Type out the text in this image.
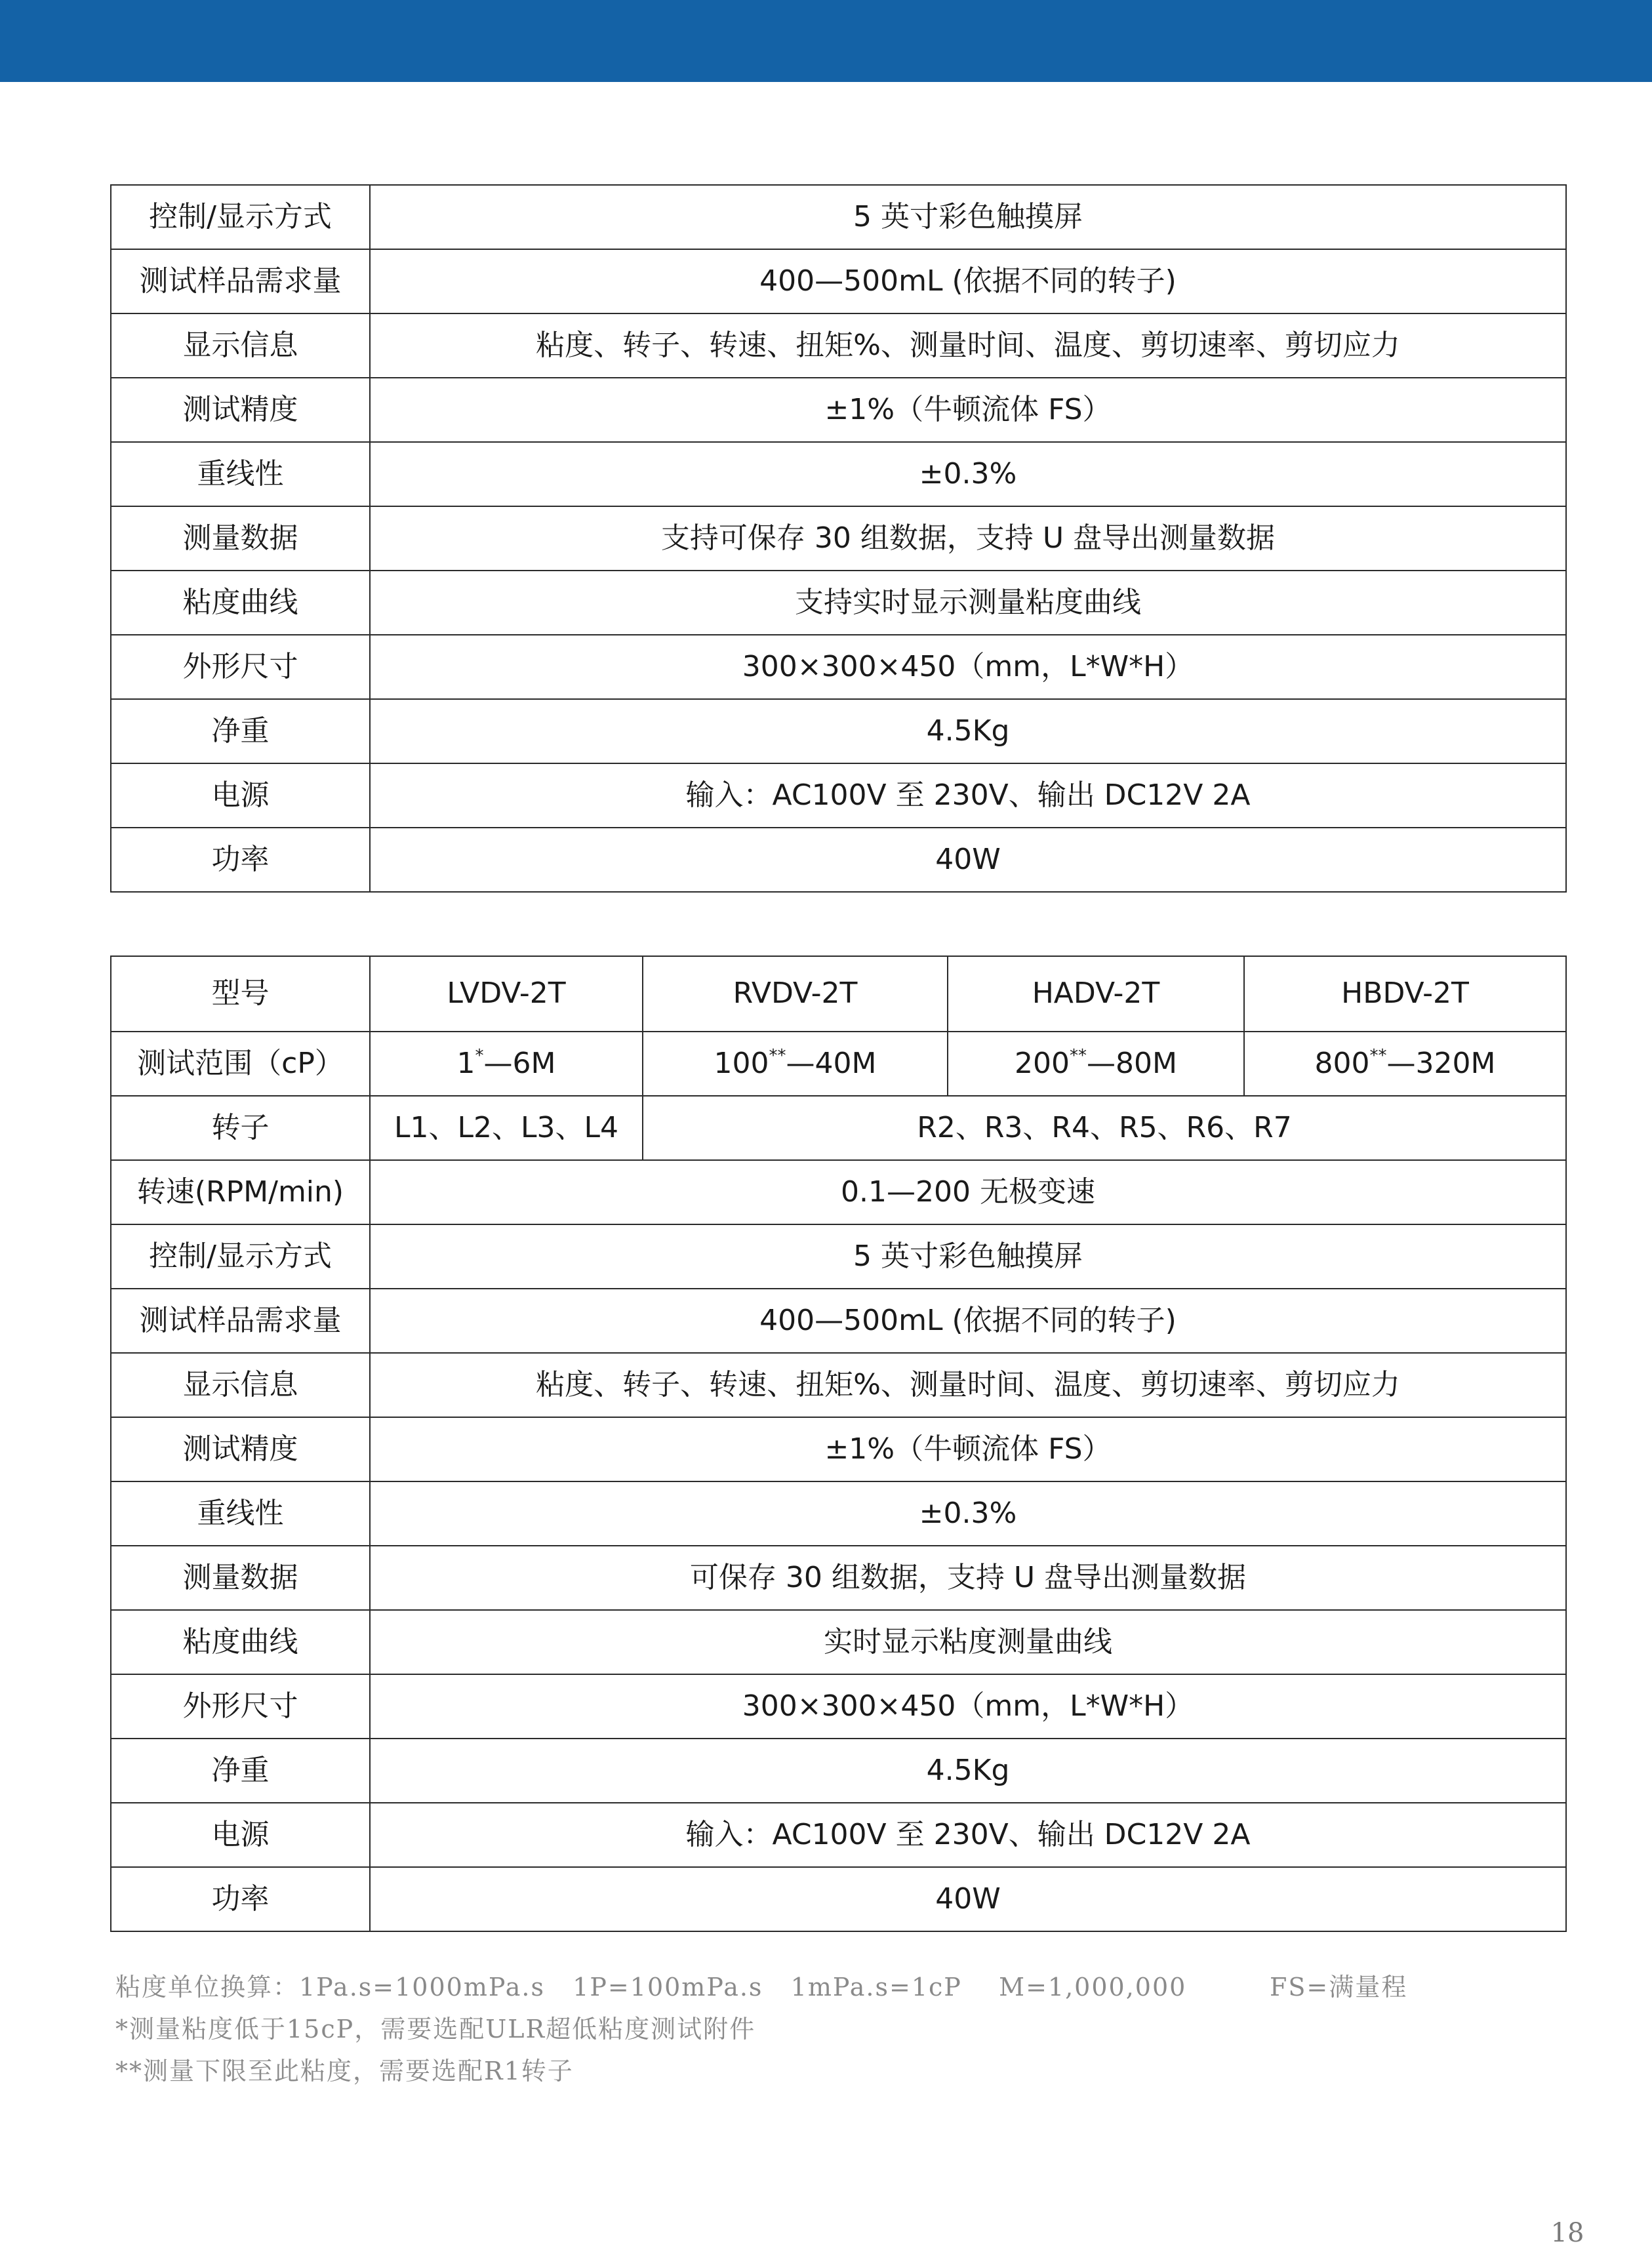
控制/显示方式	5 英寸彩色触摸屏
测试样品需求量	400—500mL (依据不同的转子)
显示信息	粘度、转子、转速、扭矩%、测量时间、温度、剪切速率、剪切应力
测试精度	±1%（牛顿流体 FS）
重线性	±0.3%
测量数据	支持可保存 30 组数据，支持 U 盘导出测量数据
粘度曲线	支持实时显示测量粘度曲线
外形尺寸	300×300×450（mm，L*W*H）
净重	4.5Kg
电源	输入：AC100V 至 230V、输出 DC12V 2A
功率	40W
型号	LVDV-2T	RVDV-2T	HADV-2T	HBDV-2T
测试范围（cP）	1*—6M	100**—40M	200**—80M	800**—320M
转子	L1、L2、L3、L4	R2、R3、R4、R5、R6、R7		
转速(RPM/min)	0.1—200 无极变速			
控制/显示方式	5 英寸彩色触摸屏			
测试样品需求量	400—500mL (依据不同的转子)			
显示信息	粘度、转子、转速、扭矩%、测量时间、温度、剪切速率、剪切应力			
测试精度	±1%（牛顿流体 FS）			
重线性	±0.3%			
测量数据	可保存 30 组数据，支持 U 盘导出测量数据			
粘度曲线	实时显示粘度测量曲线			
外形尺寸	300×300×450（mm，L*W*H）			
净重	4.5Kg			
电源	输入：AC100V 至 230V、输出 DC12V 2A			
功率	40W			
粘度单位换算：1Pa.s=1000mPa.s   1P=100mPa.s   1mPa.s=1cP    M=1,000,000         FS=满量程
*测量粘度低于15cP，需要选配ULR超低粘度测试附件
**测量下限至此粘度，需要选配R1转子
18
